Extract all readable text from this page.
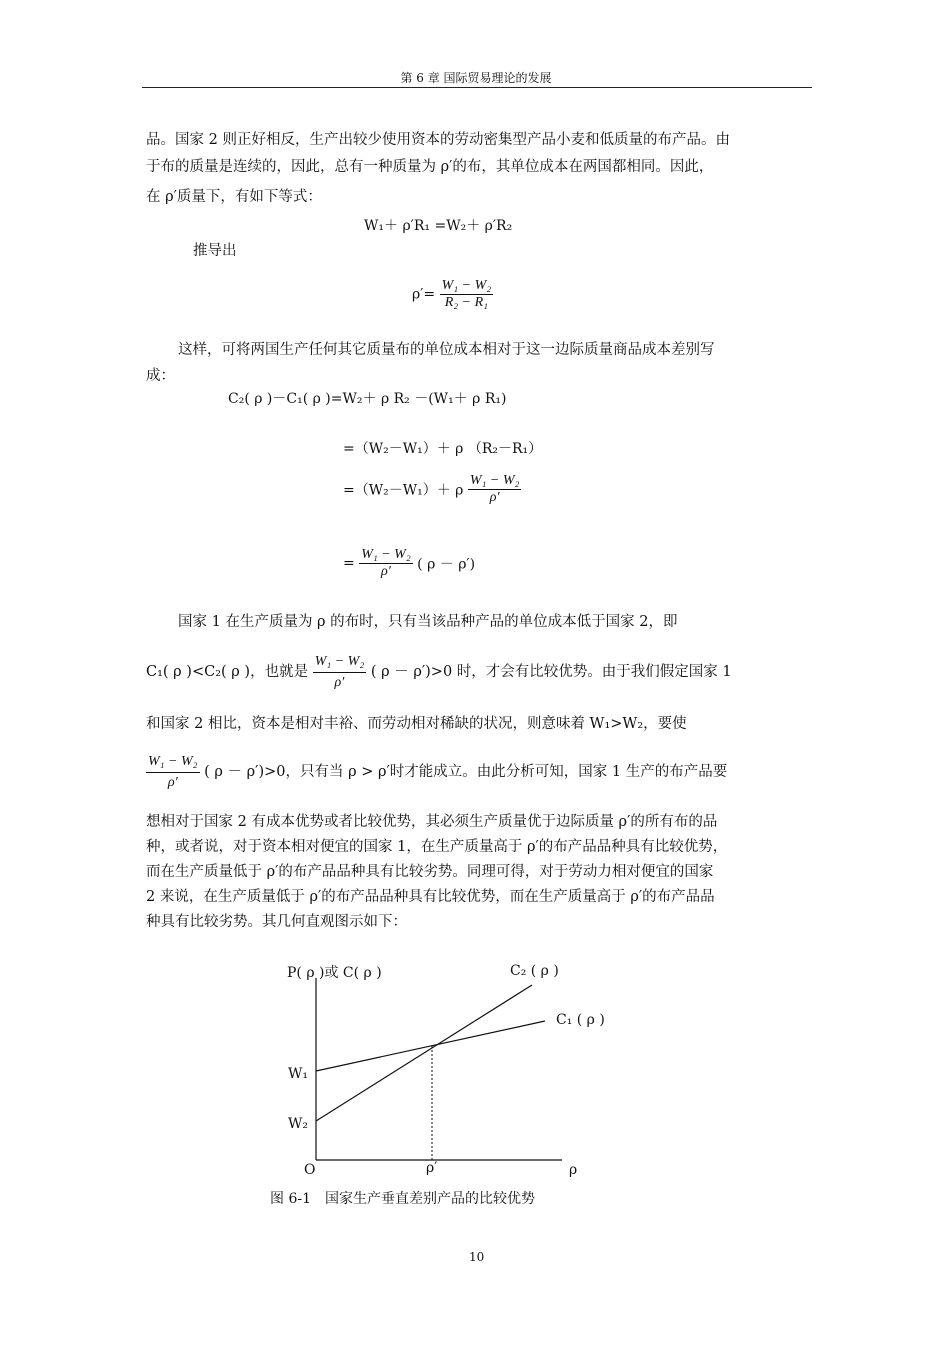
第 6 章 国际贸易理论的发展
品。国家 2 则正好相反，生产出较少使用资本的劳动密集型产品小麦和低质量的布产品。由
于布的质量是连续的，因此，总有一种质量为 ρ′的布，其单位成本在两国都相同。因此，
在 ρ′质量下，有如下等式：
W₁＋ ρ′R₁ =W₂＋ ρ′R₂
推导出
$\rho'= \frac{\text{W₁ − W₂}}{\text{R₂ − R₁}}$
这样，可将两国生产任何其它质量布的单位成本相对于这一边际质量商品成本差别写
成：
C₂( ρ )－C₁( ρ )=W₂＋ ρ R₂ －(W₁＋ ρ R₁)
=（W₂－W₁）＋ ρ （R₂－R₁）
=（W₂－W₁）＋ ρ $\frac{\text{W₁ − W₂}}{\rho'}$
= $\frac{\text{W₁ − W₂}}{\rho'}$ ( ρ － ρ′)
国家 1 在生产质量为 ρ 的布时，只有当该品种产品的单位成本低于国家 2，即
C₁( ρ )<C₂( ρ )，也就是 $\frac{\text{W₁ − W₂}}{\rho'}$ ( ρ － ρ′)>0 时，才会有比较优势。由于我们假定国家 1
和国家 2 相比，资本是相对丰裕、而劳动相对稀缺的状况，则意味着 W₁>W₂，要使
$\frac{\text{W₁ − W₂}}{\rho'}$ ( ρ － ρ′)>0，只有当 ρ > ρ′时才能成立。由此分析可知，国家 1 生产的布产品要
想相对于国家 2 有成本优势或者比较优势，其必须生产质量优于边际质量 ρ′的所有布的品
种，或者说，对于资本相对便宜的国家 1，在生产质量高于 ρ′的布产品品种具有比较优势，
而在生产质量低于 ρ′的布产品品种具有比较劣势。同理可得，对于劳动力相对便宜的国家
2 来说，在生产质量低于 ρ′的布产品品种具有比较优势，而在生产质量高于 ρ′的布产品品
种具有比较劣势。其几何直观图示如下：
P( ρ )或 C( ρ )	C₂ ( ρ )
C₁ ( ρ )
W₁
W₂
O	ρ′	ρ
图 6-1　国家生产垂直差别产品的比较优势
10
